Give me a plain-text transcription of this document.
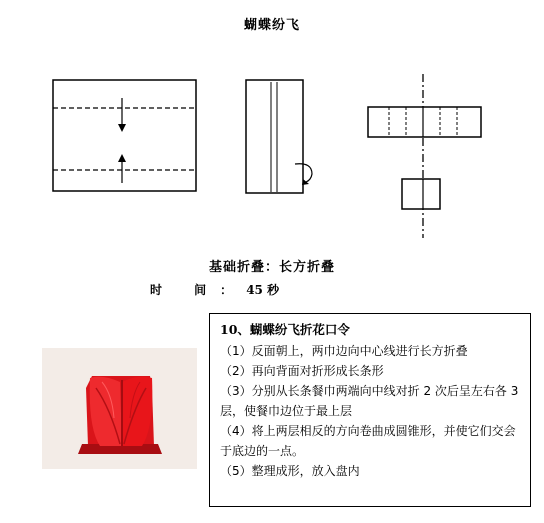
蝴蝶纷飞
基础折叠：长方折叠
时 间：45 秒
10、蝴蝶纷飞折花口令

（1）反面朝上，两巾边向中心线进行长方折叠

（2）再向背面对折形成长条形

（3）分别从长条餐巾两端向中线对折 2 次后呈左右各 3 层，使餐巾边位于最上层

（4）将上两层相反的方向卷曲成圆锥形，并使它们交会于底边的一点。

（5）整理成形，放入盘内
